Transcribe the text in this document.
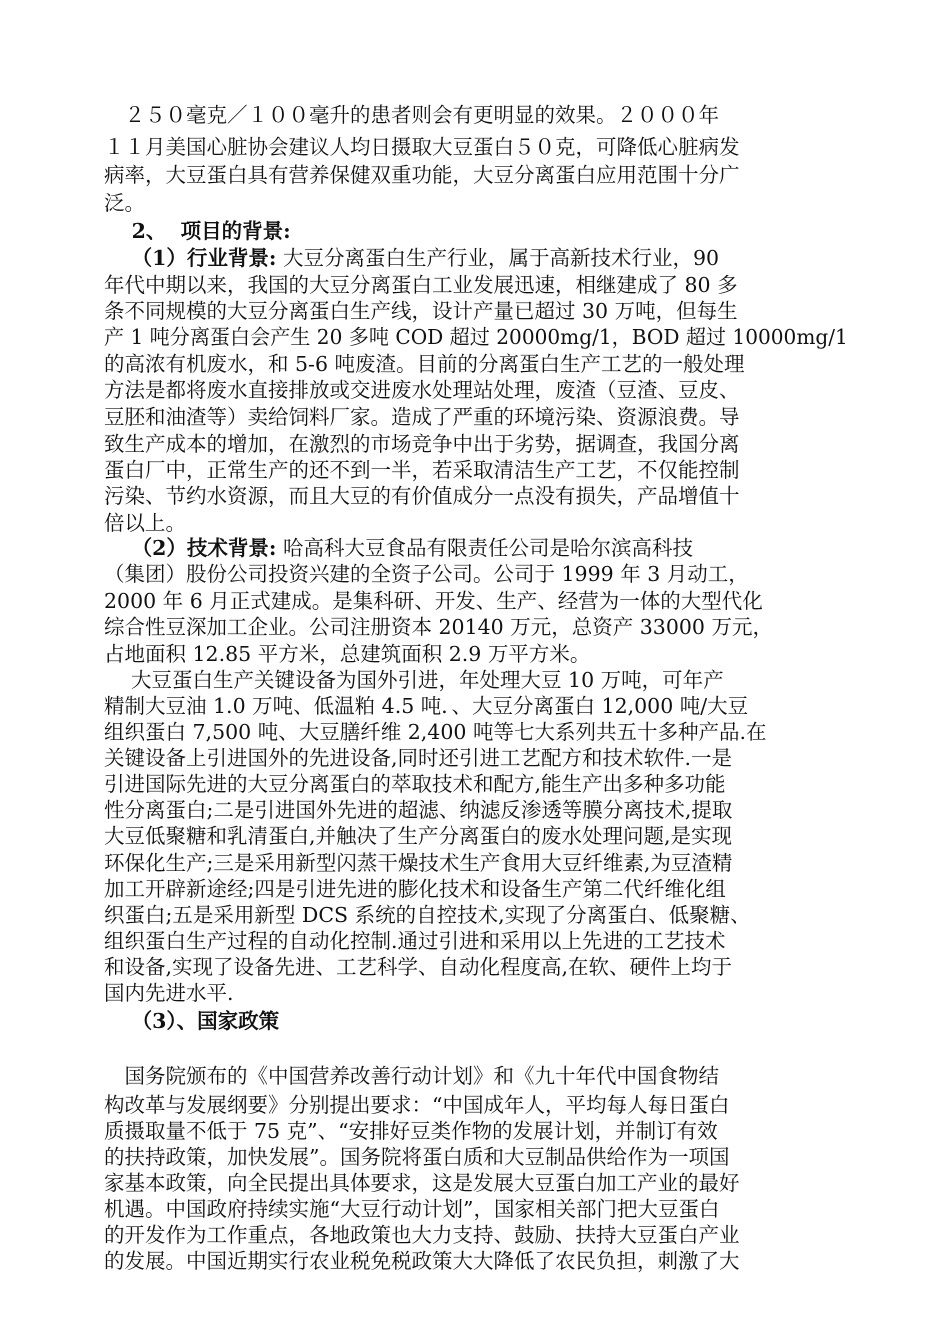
　２５０毫克／１００毫升的患者则会有更明显的效果。２０００年
１１月美国心脏协会建议人均日摄取大豆蛋白５０克，可降低心脏病发
病率，大豆蛋白具有营养保健双重功能，大豆分离蛋白应用范围十分广
泛。
　 2、  项目的背景:
　 （1）行业背景: 大豆分离蛋白生产行业，属于高新技术行业，90
年代中期以来，我国的大豆分离蛋白工业发展迅速，相继建成了 80 多
条不同规模的大豆分离蛋白生产线，设计产量已超过 30 万吨，但每生
产 1 吨分离蛋白会产生 20 多吨 COD 超过 20000mg/1，BOD 超过 10000mg/1
的高浓有机废水，和 5-6 吨废渣。目前的分离蛋白生产工艺的一般处理
方法是都将废水直接排放或交进废水处理站处理，废渣（豆渣、豆皮、
豆胚和油渣等）卖给饲料厂家。造成了严重的环境污染、资源浪费。导
致生产成本的增加，在激烈的市场竞争中出于劣势，据调查，我国分离
蛋白厂中，正常生产的还不到一半，若采取清洁生产工艺，不仅能控制
污染、节约水资源，而且大豆的有价值成分一点没有损失，产品增值十
倍以上。
　 （2）技术背景: 哈高科大豆食品有限责任公司是哈尔滨高科技
（集团）股份公司投资兴建的全资子公司。公司于 1999 年 3 月动工，
2000 年 6 月正式建成。是集科研、开发、生产、经营为一体的大型代化
综合性豆深加工企业。公司注册资本 20140 万元，总资产 33000 万元，
占地面积 12.85 平方米，总建筑面积 2.9 万平方米。
　 大豆蛋白生产关键设备为国外引进，年处理大豆 10 万吨，可年产
精制大豆油 1.0 万吨、低温粕 4.5 吨．、大豆分离蛋白 12,000 吨/大豆
组织蛋白 7,500 吨、大豆膳纤维 2,400 吨等七大系列共五十多种产品.在
关键设备上引进国外的先进设备,同时还引进工艺配方和技术软件.一是
引进国际先进的大豆分离蛋白的萃取技术和配方,能生产出多种多功能
性分离蛋白;二是引进国外先进的超滤、纳滤反渗透等膜分离技术,提取
大豆低聚糖和乳清蛋白,并触决了生产分离蛋白的废水处理问题,是实现
环保化生产;三是采用新型闪蒸干燥技术生产食用大豆纤维素,为豆渣精
加工开辟新途经;四是引进先进的膨化技术和设备生产第二代纤维化组
织蛋白;五是采用新型 DCS 系统的自控技术,实现了分离蛋白、低聚糖、
组织蛋白生产过程的自动化控制.通过引进和采用以上先进的工艺技术
和设备,实现了设备先进、工艺科学、自动化程度高,在软、硬件上均于
国内先进水平.
　 （3）、国家政策
　国务院颁布的《中国营养改善行动计划》和《九十年代中国食物结
构改革与发展纲要》分别提出要求：“中国成年人，平均每人每日蛋白
质摄取量不低于 75 克”、“安排好豆类作物的发展计划，并制订有效
的扶持政策，加快发展”。国务院将蛋白质和大豆制品供给作为一项国
家基本政策，向全民提出具体要求，这是发展大豆蛋白加工产业的最好
机遇。中国政府持续实施“大豆行动计划”，国家相关部门把大豆蛋白
的开发作为工作重点，各地政策也大力支持、鼓励、扶持大豆蛋白产业
的发展。中国近期实行农业税免税政策大大降低了农民负担，刺激了大
